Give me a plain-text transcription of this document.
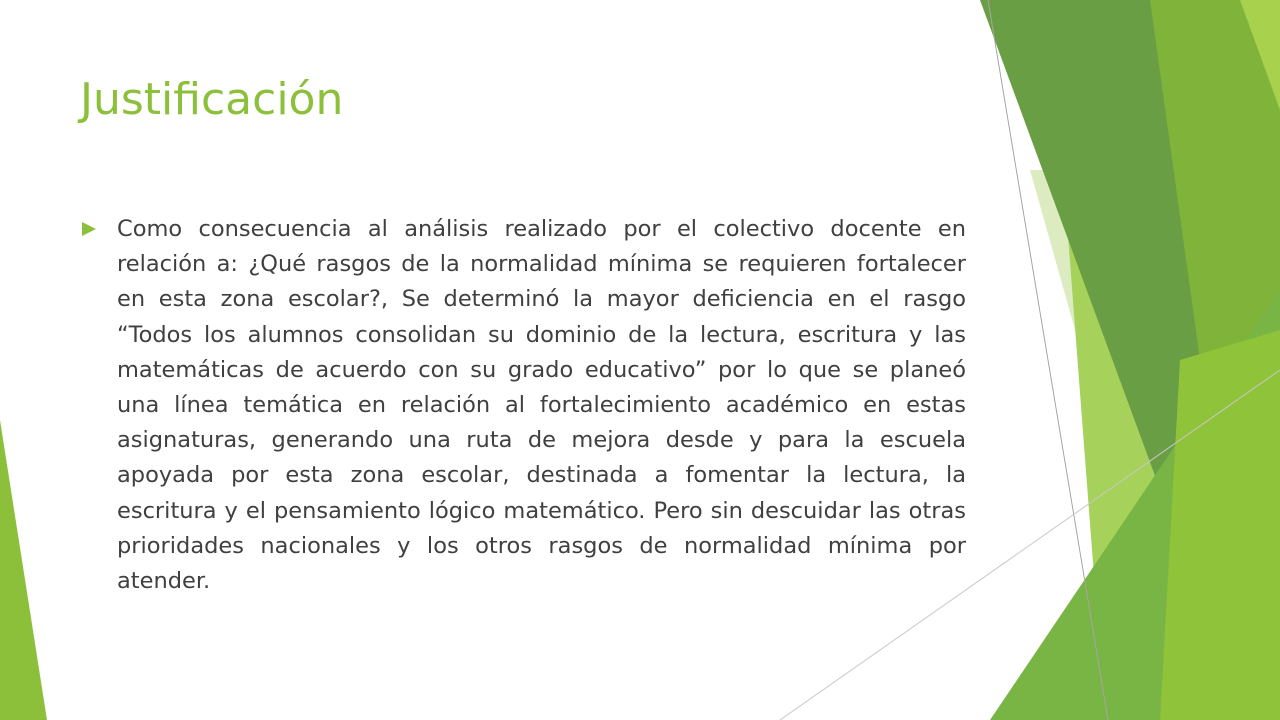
Justificación

Como consecuencia al análisis realizado por el colectivo docente en relación a: ¿Qué rasgos de la normalidad mínima se requieren fortalecer en esta zona escolar?, Se determinó la mayor deficiencia en el rasgo “Todos los alumnos consolidan su dominio de la lectura, escritura y las matemáticas de acuerdo con su grado educativo” por lo que se planeó una línea temática en relación al fortalecimiento académico en estas asignaturas, generando una ruta de mejora desde y para la escuela apoyada por esta zona escolar, destinada a fomentar la lectura, la escritura y el pensamiento lógico matemático. Pero sin descuidar las otras prioridades nacionales y los otros rasgos de normalidad mínima por atender.
